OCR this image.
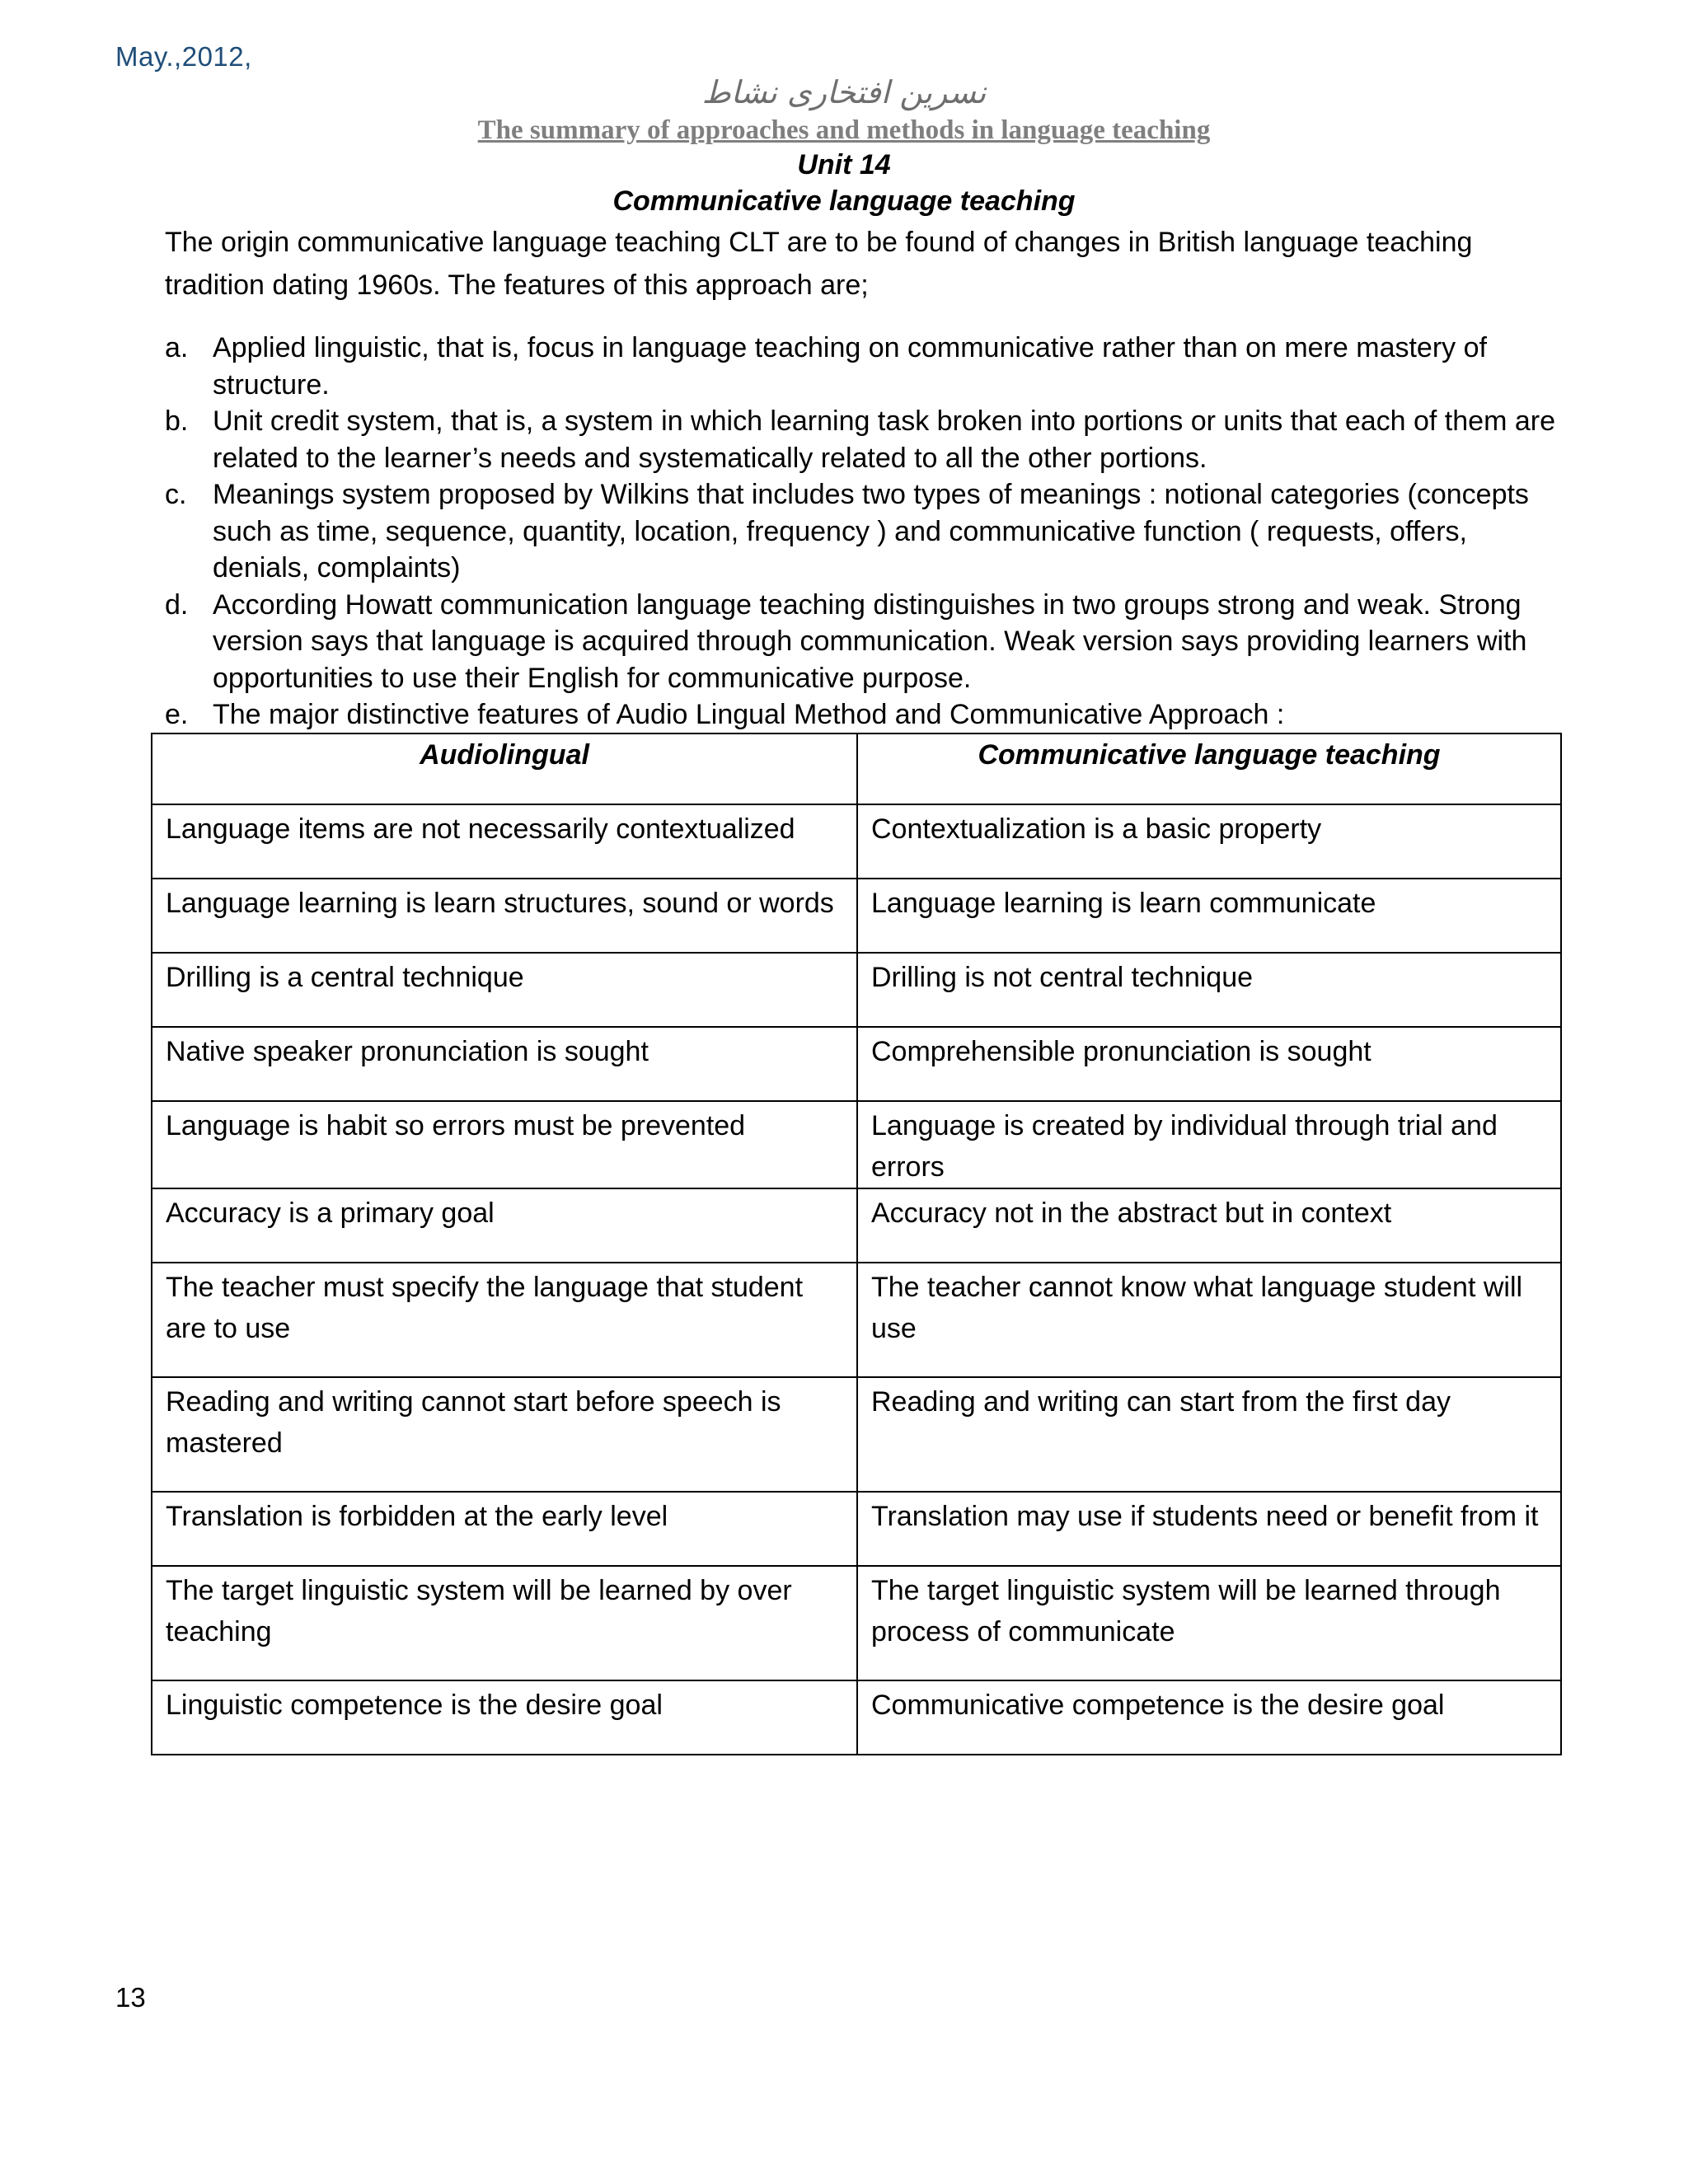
May.,2012,
نسرین افتخاری نشاط
The summary of approaches and methods in language teaching
Unit 14
Communicative language teaching

The origin communicative language teaching CLT are to be found of changes in British language teaching tradition dating 1960s. The features of this approach are;

a. Applied linguistic, that is, focus in language teaching on communicative rather than on mere mastery of structure.
b. Unit credit system, that is, a system in which learning task broken into portions or units that each of them are related to the learner’s needs and systematically related to all the other portions.
c. Meanings system proposed by Wilkins that includes two types of meanings : notional categories (concepts such as time, sequence, quantity, location, frequency ) and communicative function ( requests, offers, denials, complaints)
d. According Howatt communication language teaching distinguishes in two groups strong and weak. Strong version says that language is acquired through communication. Weak version says providing learners with opportunities to use their English for communicative purpose.
e. The major distinctive features of Audio Lingual Method and Communicative Approach :
Audiolingual	Communicative language teaching
Language items are not necessarily contextualized	Contextualization is a basic property
Language learning is learn structures, sound or words	Language learning is learn communicate
Drilling is a central technique	Drilling is not central technique
Native speaker pronunciation is sought	Comprehensible pronunciation is sought
Language is habit so errors must be prevented	Language is created by individual through trial and errors
Accuracy is a primary goal	Accuracy not in the abstract but in context
The teacher must specify the language that student are to use	The teacher cannot know what language student will use
Reading and writing cannot start before speech is mastered	Reading and writing can start from the first day
Translation is forbidden at the early level	Translation may use if students need or benefit from it
The target linguistic system will be learned by over teaching	The target linguistic system will be learned through process of communicate
Linguistic competence is the desire goal	Communicative competence is the desire goal
13
